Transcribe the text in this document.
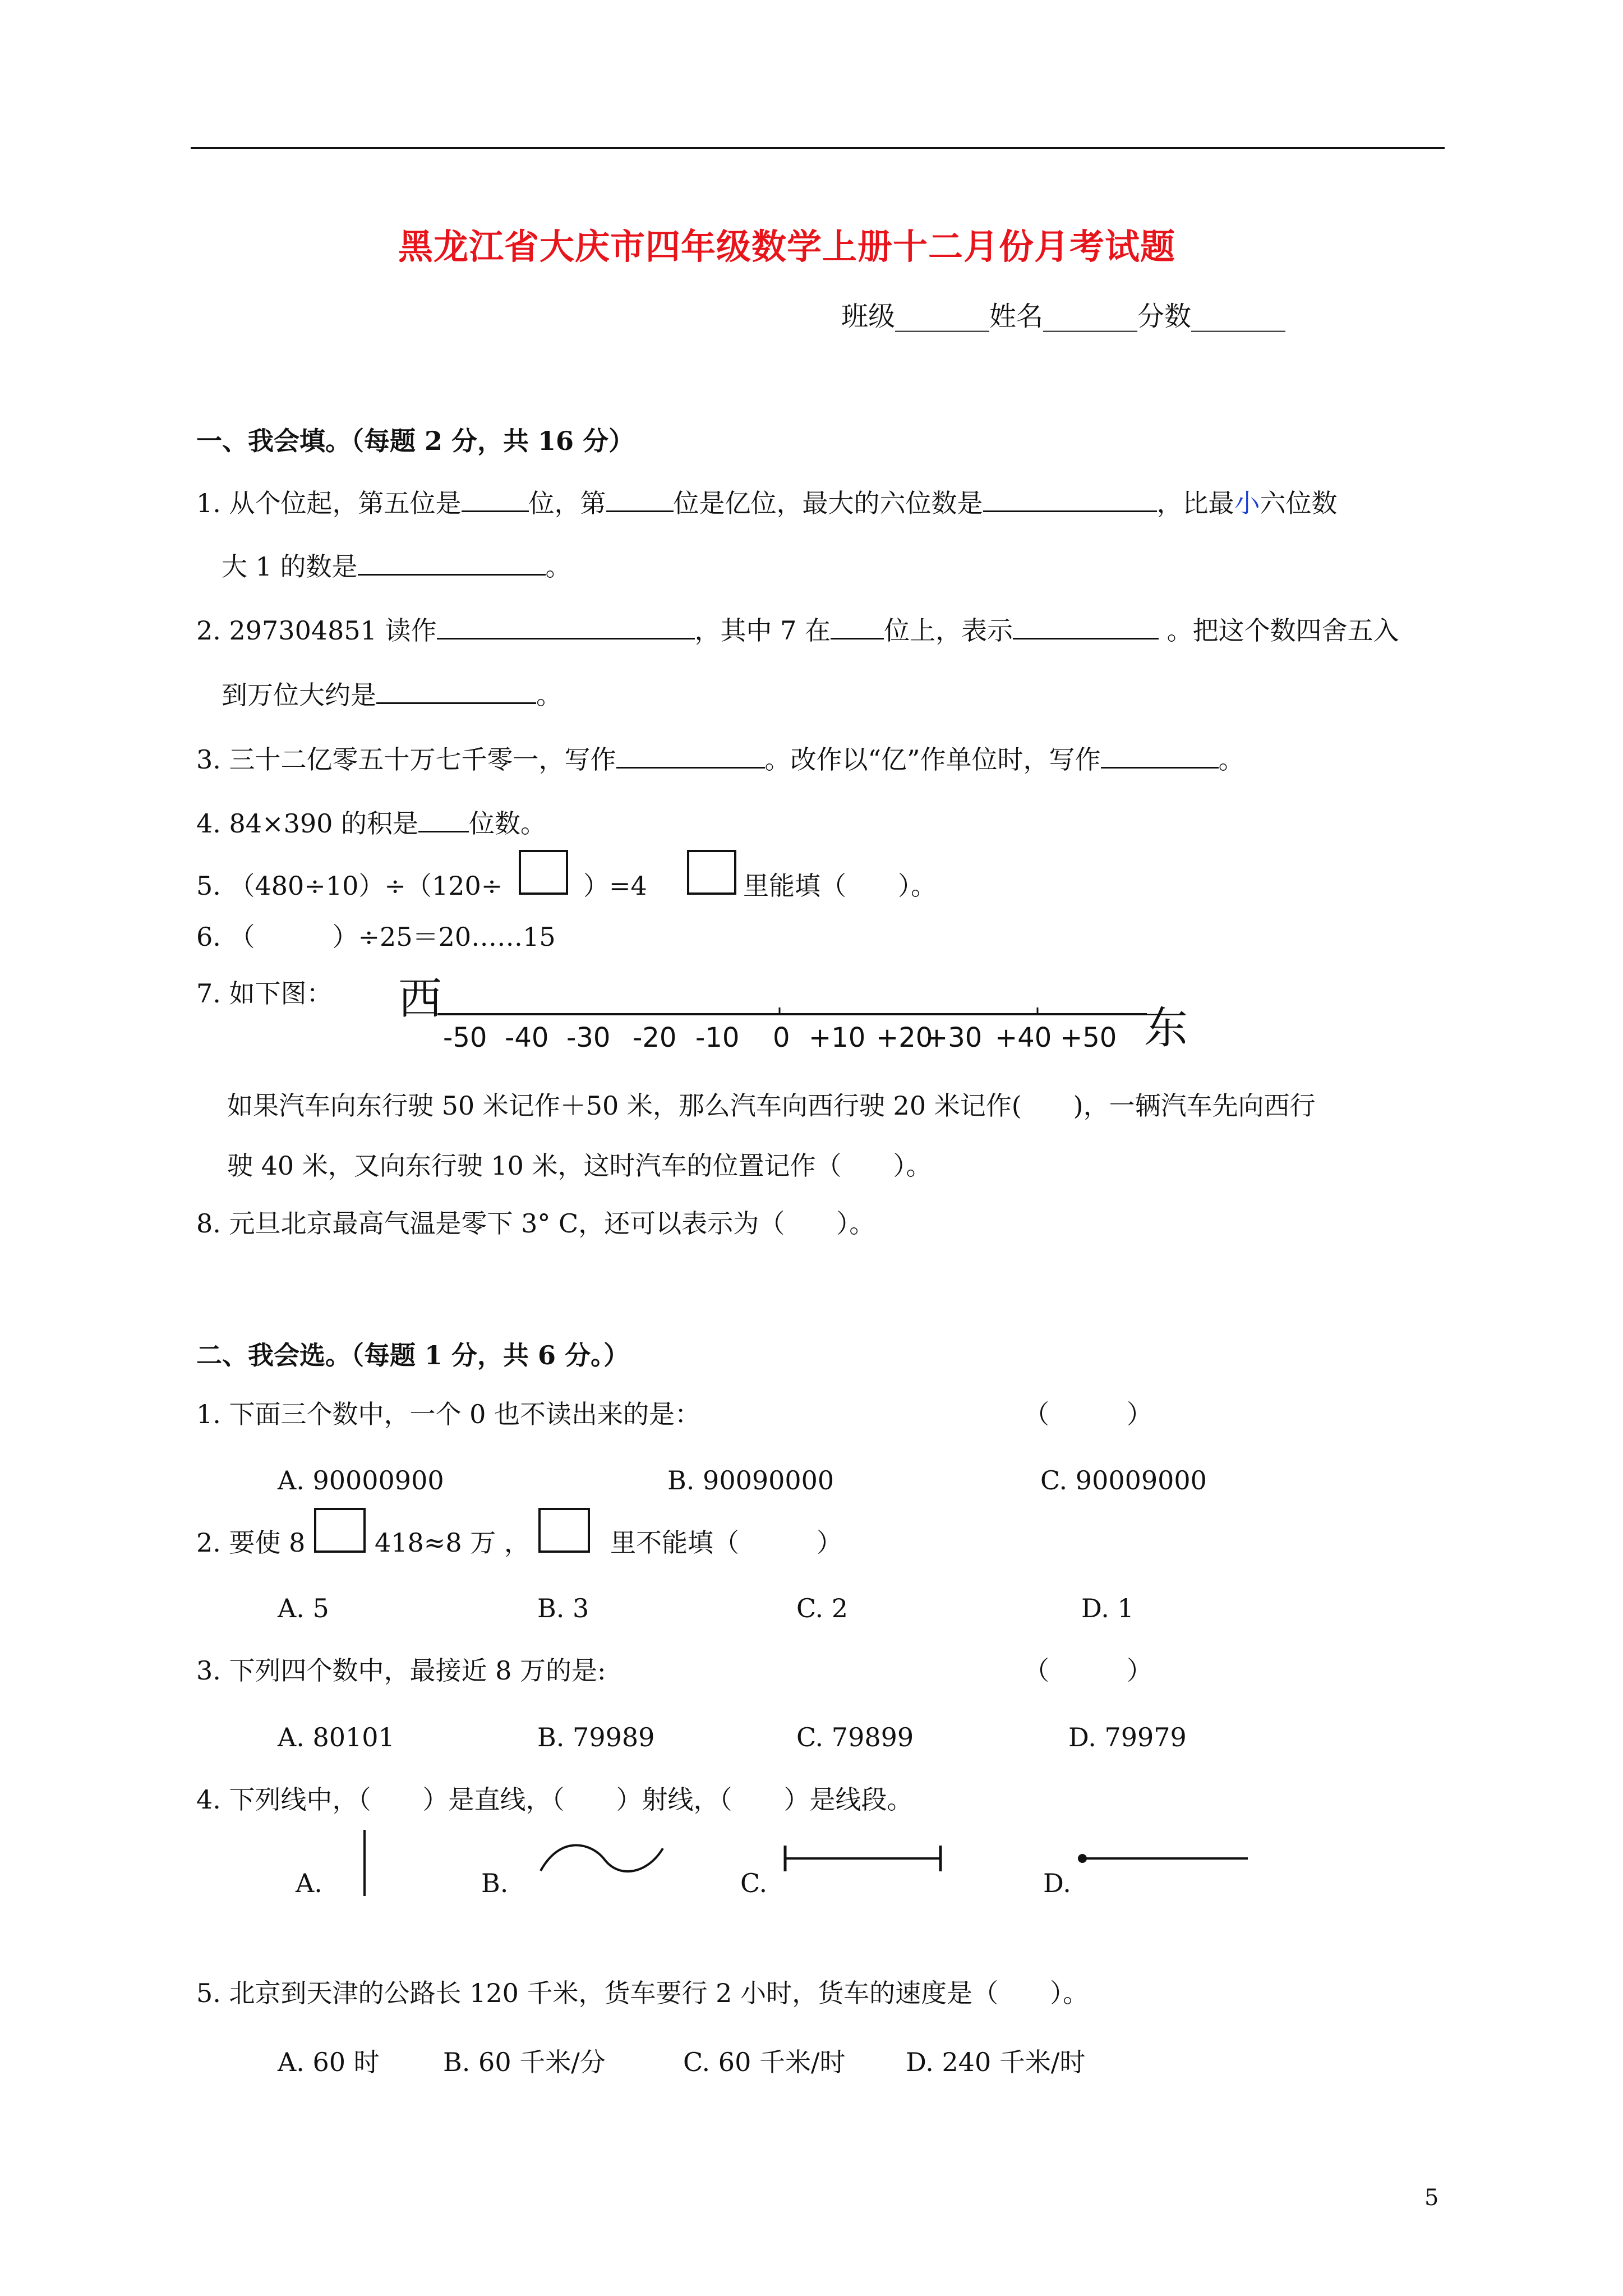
黑龙江省大庆市四年级数学上册十二月份月考试题
班级_______姓名_______分数_______
一、我会填。（每题 2 分，共 16 分）
1. 从个位起，第五位是	位，第	位是亿位，最大的六位数是	，比最小六位数
大 1 的数是	。
2. 297304851 读作	，其中 7 在 位上，表示	。把这个数四舍五入
到万位大约是	。
3. 三十二亿零五十万七千零一，写作	。改作以“亿”作单位时，写作	。
4. 84×390 的积是 位数。
5. （480÷10）÷（120÷	）=4	里能填（　　）。
6. （　　　）÷25＝20……15
7. 如下图： 西
东
-50 -40 -30 -20 -10 0 +10 +20
+30 +40 +50
如果汽车向东行驶 50 米记作＋50 米，那么汽车向西行驶 20 米记作(　　)，一辆汽车先向西行
驶 40 米，又向东行驶 10 米，这时汽车的位置记作（　　）。
8. 元旦北京最高气温是零下 3° C，还可以表示为（　　）。
二、我会选。（每题 1 分，共 6 分。）
1. 下面三个数中，一个 0 也不读出来的是：	（　　　）
A. 90000900	B. 90090000	C. 90009000
2. 要使 8	418≈8 万 ，	里不能填（　　　）
A. 5	B. 3	C. 2	D. 1
3. 下列四个数中，最接近 8 万的是:	（　　　）
A. 80101	B. 79989	C. 79899	D. 79979
4. 下列线中，（　　）是直线，（　　）射线，（　　）是线段。
A.	B.	C.	D.
5. 北京到天津的公路长 120 千米，货车要行 2 小时，货车的速度是（　　）。
A. 60 时 B. 60 千米/分	C. 60 千米/时 D. 240 千米/时
5
